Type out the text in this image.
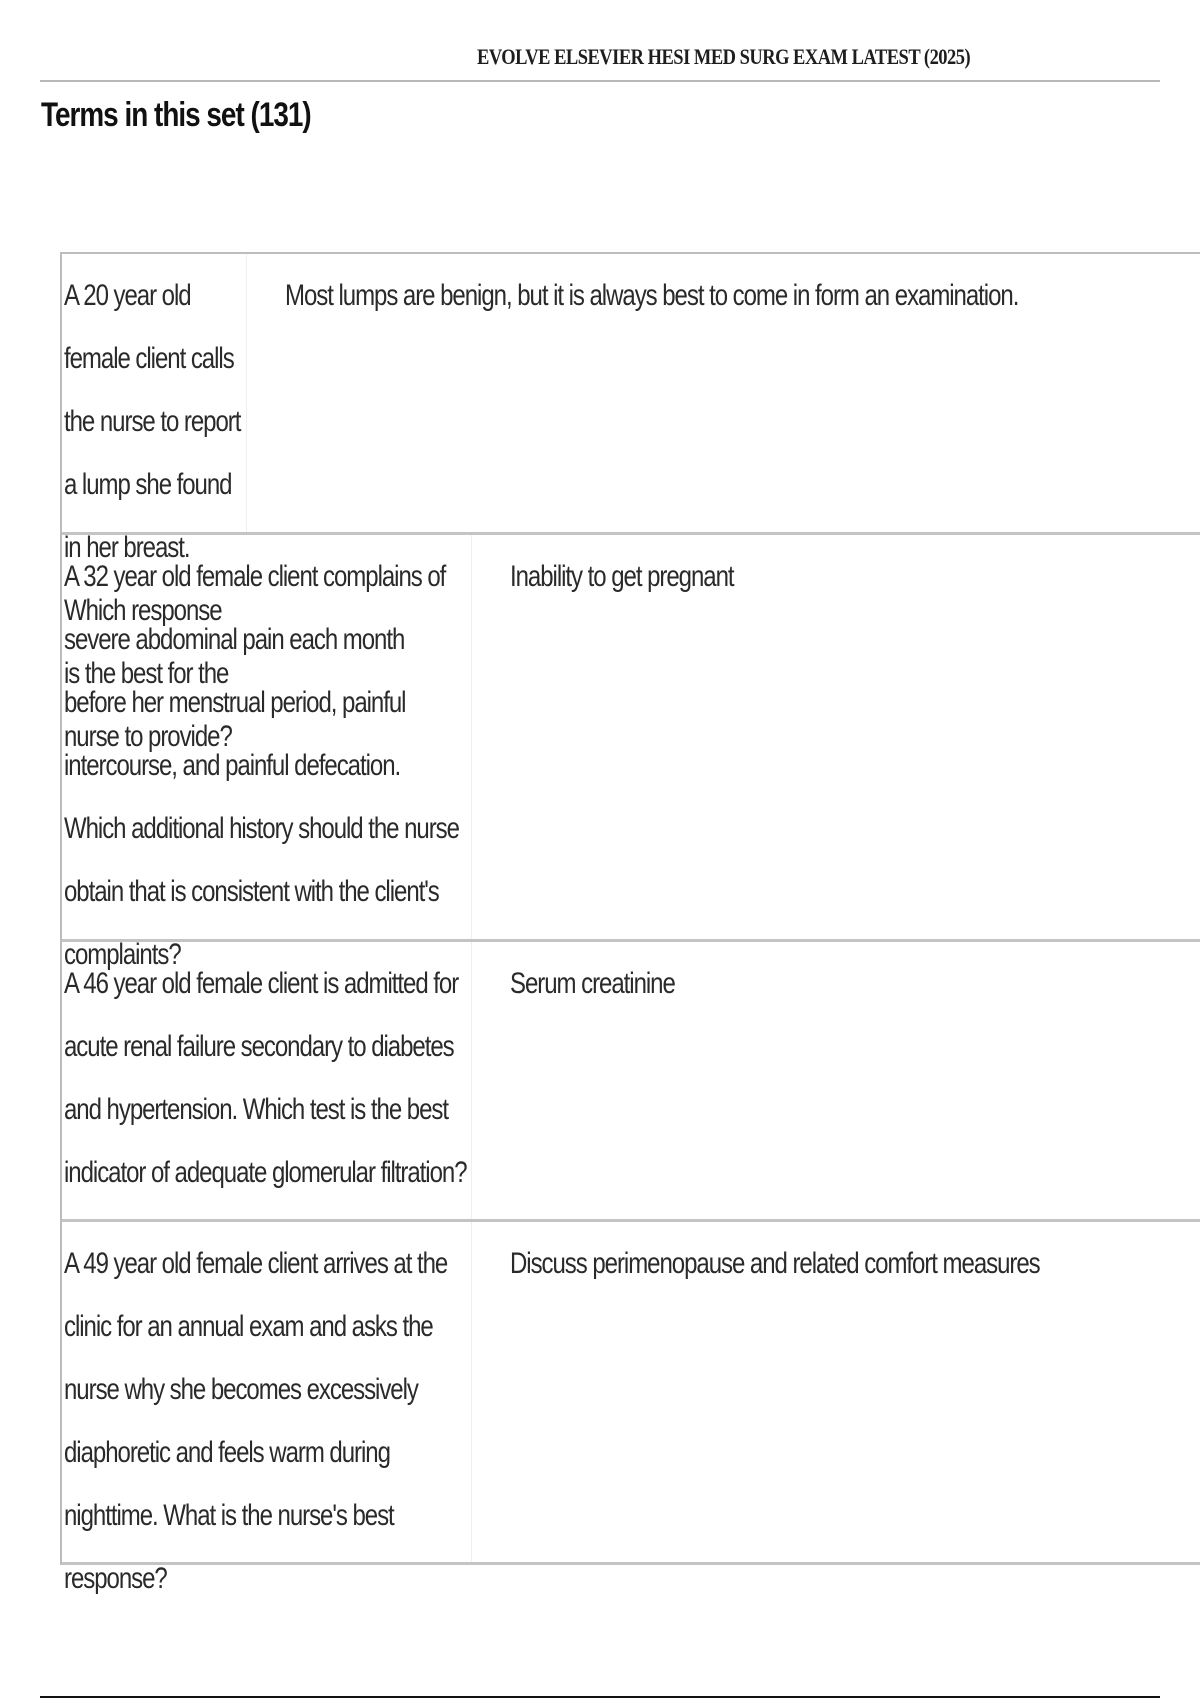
EVOLVE ELSEVIER HESI MED SURG EXAM LATEST (2025)
Terms in this set (131)
A 20 year old female client calls the nurse to report a lump she found in her breast. Which response is the best for the nurse to provide?
Most lumps are benign, but it is always best to come in form an examination.
A 32 year old female client complains of severe abdominal pain each month before her menstrual period, painful intercourse, and painful defecation. Which additional history should the nurse obtain that is consistent with the client's complaints?
Inability to get pregnant
A 46 year old female client is admitted for acute renal failure secondary to diabetes and hypertension. Which test is the best indicator of adequate glomerular filtration?
Serum creatinine
A 49 year old female client arrives at the clinic for an annual exam and asks the nurse why she becomes excessively diaphoretic and feels warm during nighttime. What is the nurse's best response?
Discuss perimenopause and related comfort measures
